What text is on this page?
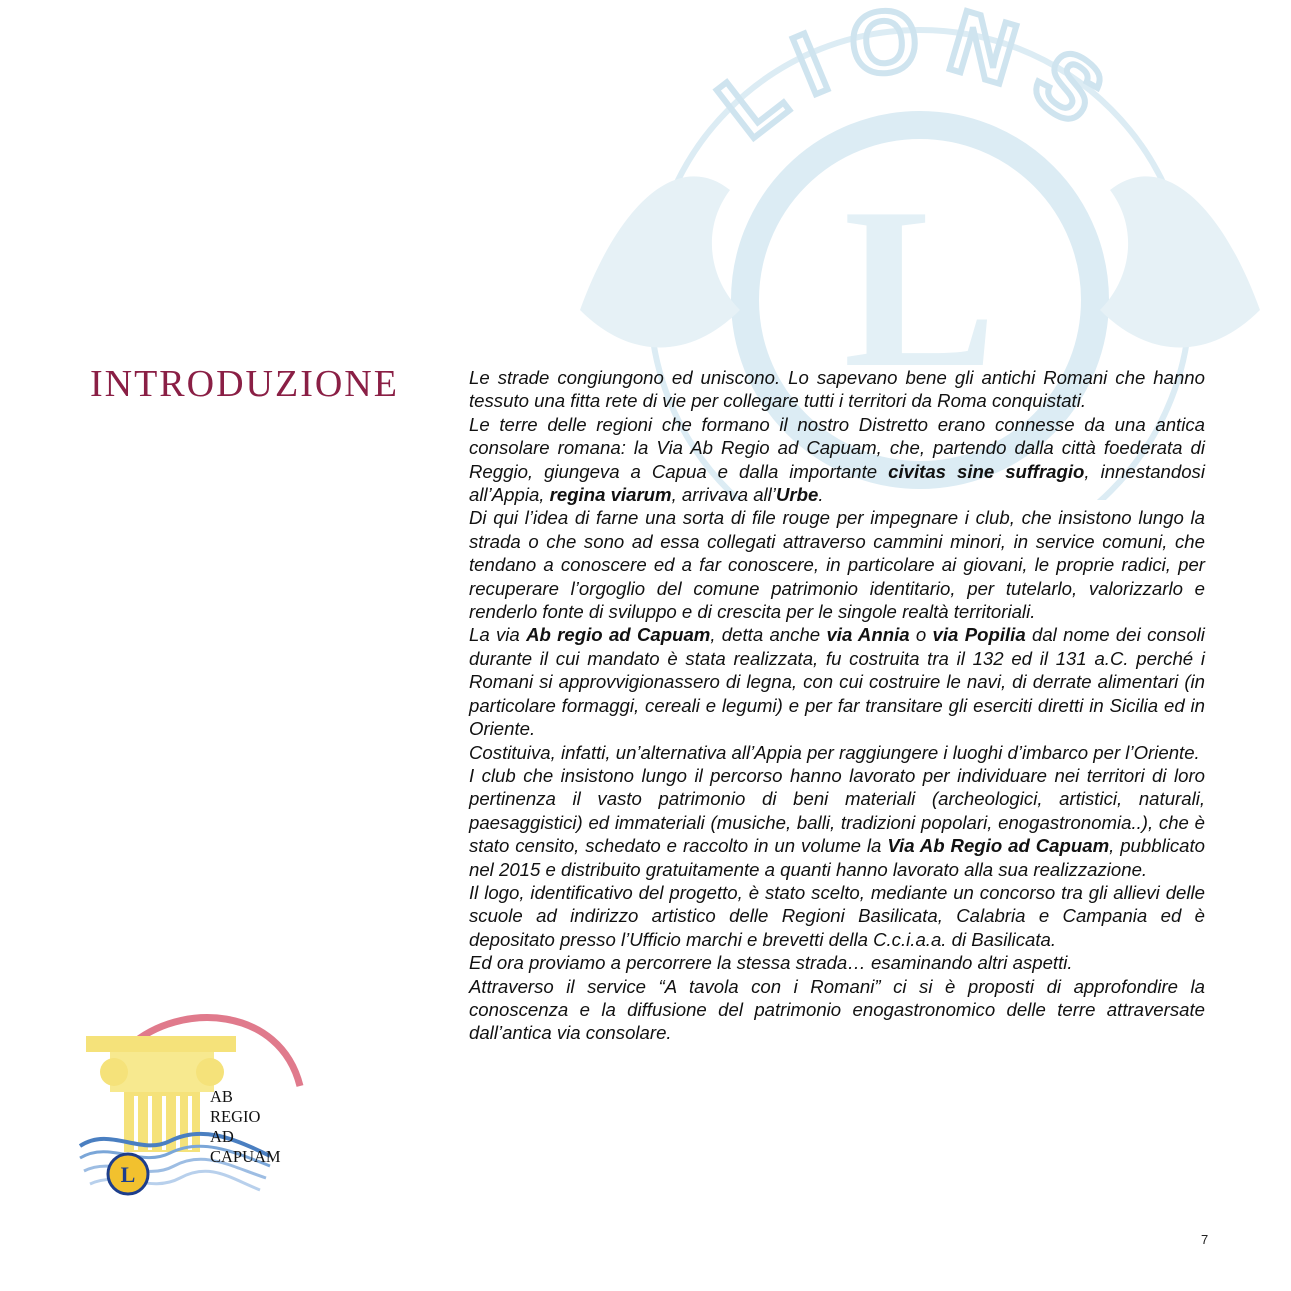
LIONS
L
INTRODUZIONE	Le strade congiungono ed uniscono. Lo sapevano bene gli antichi Romani che hanno tessuto una fitta rete di vie per collegare tutti i territori da Roma conquistati.

Le terre delle regioni che formano il nostro Distretto erano connesse da una antica consolare romana: la Via Ab Regio ad Capuam, che, partendo dalla città foederata di Reggio, giungeva a Capua e dalla importante civitas sine suffragio, innestandosi all’Appia, regina viarum, arrivava all’Urbe.

Di qui l’idea di farne una sorta di file rouge per impegnare i club, che insistono lungo la strada o che sono ad essa collegati attraverso cammini minori, in service comuni, che tendano a conoscere ed a far conoscere, in particolare ai giovani, le proprie radici, per recuperare l’orgoglio del comune patrimonio identitario, per tutelarlo, valorizzarlo e renderlo fonte di sviluppo e di crescita per le singole realtà territoriali.

La via Ab regio ad Capuam, detta anche via Annia o via Popilia dal nome dei consoli durante il cui mandato è stata realizzata, fu costruita tra il 132 ed il 131 a.C. perché i Romani si approvvigionassero di legna, con cui costruire le navi, di derrate alimentari (in particolare formaggi, cereali e legumi) e per far transitare gli eserciti diretti in Sicilia ed in Oriente.

Costituiva, infatti, un’alternativa all’Appia per raggiungere i luoghi d’imbarco per l’Oriente.

I club che insistono lungo il percorso hanno lavorato per individuare nei territori di loro pertinenza il vasto patrimonio di beni materiali (archeologici, artistici, naturali, paesaggistici) ed immateriali (musiche, balli, tradizioni popolari, enogastronomia..), che è stato censito, schedato e raccolto in un volume la Via Ab Regio ad Capuam, pubblicato nel 2015 e distribuito gratuitamente a quanti hanno lavorato alla sua realizzazione.

Il logo, identificativo del progetto, è stato scelto, mediante un concorso tra gli allievi delle scuole ad indirizzo artistico delle Regioni Basilicata, Calabria e Campania ed è depositato presso l’Ufficio marchi e brevetti della C.c.i.a.a. di Basilicata.

Ed ora proviamo a percorrere la stessa strada… esaminando altri aspetti.

Attraverso il service “A tavola con i Romani” ci si è proposti di approfondire la conoscenza e la diffusione del patrimonio enogastronomico delle terre attraversate dall’antica via consolare.

L
AB
REGIO
AD
CAPUAM
7
